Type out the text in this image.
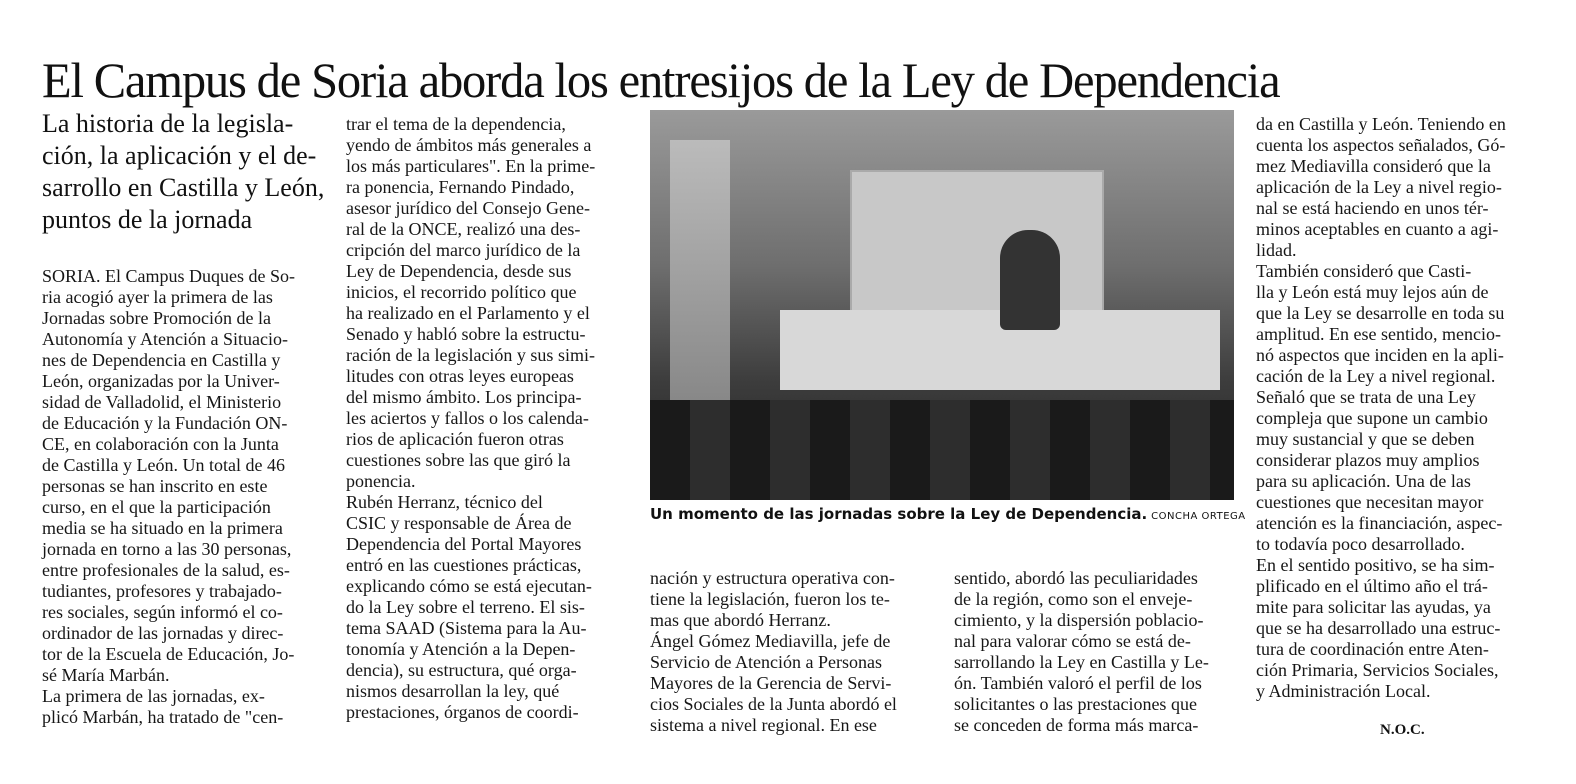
El Campus de Soria aborda los entresijos de la Ley de Dependencia

La historia de la legisla-

ción, la aplicación y el de-

sarrollo en Castilla y León,

puntos de la jornada

SORIA. El Campus Duques de So-

ria acogió ayer la primera de las

Jornadas sobre Promoción de la

Autonomía y Atención a Situacio-

nes de Dependencia en Castilla y

León, organizadas por la Univer-

sidad de Valladolid, el Ministerio

de Educación y la Fundación ON-

CE, en colaboración con la Junta

de Castilla y León. Un total de 46

personas se han inscrito en este

curso, en el que la participación

media se ha situado en la primera

jornada en torno a las 30 personas,

entre profesionales de la salud, es-

tudiantes, profesores y trabajado-

res sociales, según informó el co-

ordinador de las jornadas y direc-

tor de la Escuela de Educación, Jo-

sé María Marbán.

La primera de las jornadas, ex-

plicó Marbán, ha tratado de "cen-

trar el tema de la dependencia,

yendo de ámbitos más generales a

los más particulares". En la prime-

ra ponencia, Fernando Pindado,

asesor jurídico del Consejo Gene-

ral de la ONCE, realizó una des-

cripción del marco jurídico de la

Ley de Dependencia, desde sus

inicios, el recorrido político que

ha realizado en el Parlamento y el

Senado y habló sobre la estructu-

ración de la legislación y sus simi-

litudes con otras leyes europeas

del mismo ámbito. Los principa-

les aciertos y fallos o los calenda-

rios de aplicación fueron otras

cuestiones sobre las que giró la

ponencia.

Rubén Herranz, técnico del

CSIC y responsable de Área de

Dependencia del Portal Mayores

entró en las cuestiones prácticas,

explicando cómo se está ejecutan-

do la Ley sobre el terreno. El sis-

tema SAAD (Sistema para la Au-

tonomía y Atención a la Depen-

dencia), su estructura, qué orga-

nismos desarrollan la ley, qué

prestaciones, órganos de coordi-

nación y estructura operativa con-

tiene la legislación, fueron los te-

mas que abordó Herranz.

Ángel Gómez Mediavilla, jefe de

Servicio de Atención a Personas

Mayores de la Gerencia de Servi-

cios Sociales de la Junta abordó el

sistema a nivel regional. En ese

sentido, abordó las peculiaridades

de la región, como son el enveje-

cimiento, y la dispersión poblacio-

nal para valorar cómo se está de-

sarrollando la Ley en Castilla y Le-

ón. También valoró el perfil de los

solicitantes o las prestaciones que

se conceden de forma más marca-

da en Castilla y León. Teniendo en

cuenta los aspectos señalados, Gó-

mez Mediavilla consideró que la

aplicación de la Ley a nivel regio-

nal se está haciendo en unos tér-

minos aceptables en cuanto a agi-

lidad.

También consideró que Casti-

lla y León está muy lejos aún de

que la Ley se desarrolle en toda su

amplitud. En ese sentido, mencio-

nó aspectos que inciden en la apli-

cación de la Ley a nivel regional.

Señaló que se trata de una Ley

compleja que supone un cambio

muy sustancial y que se deben

considerar plazos muy amplios

para su aplicación. Una de las

cuestiones que necesitan mayor

atención es la financiación, aspec-

to todavía poco desarrollado.

En el sentido positivo, se ha sim-

plificado en el último año el trá-

mite para solicitar las ayudas, ya

que se ha desarrollado una estruc-

tura de coordinación entre Aten-

ción Primaria, Servicios Sociales,

y Administración Local.

Un momento de las jornadas sobre la Ley de Dependencia. CONCHA ORTEGA
N.O.C.
